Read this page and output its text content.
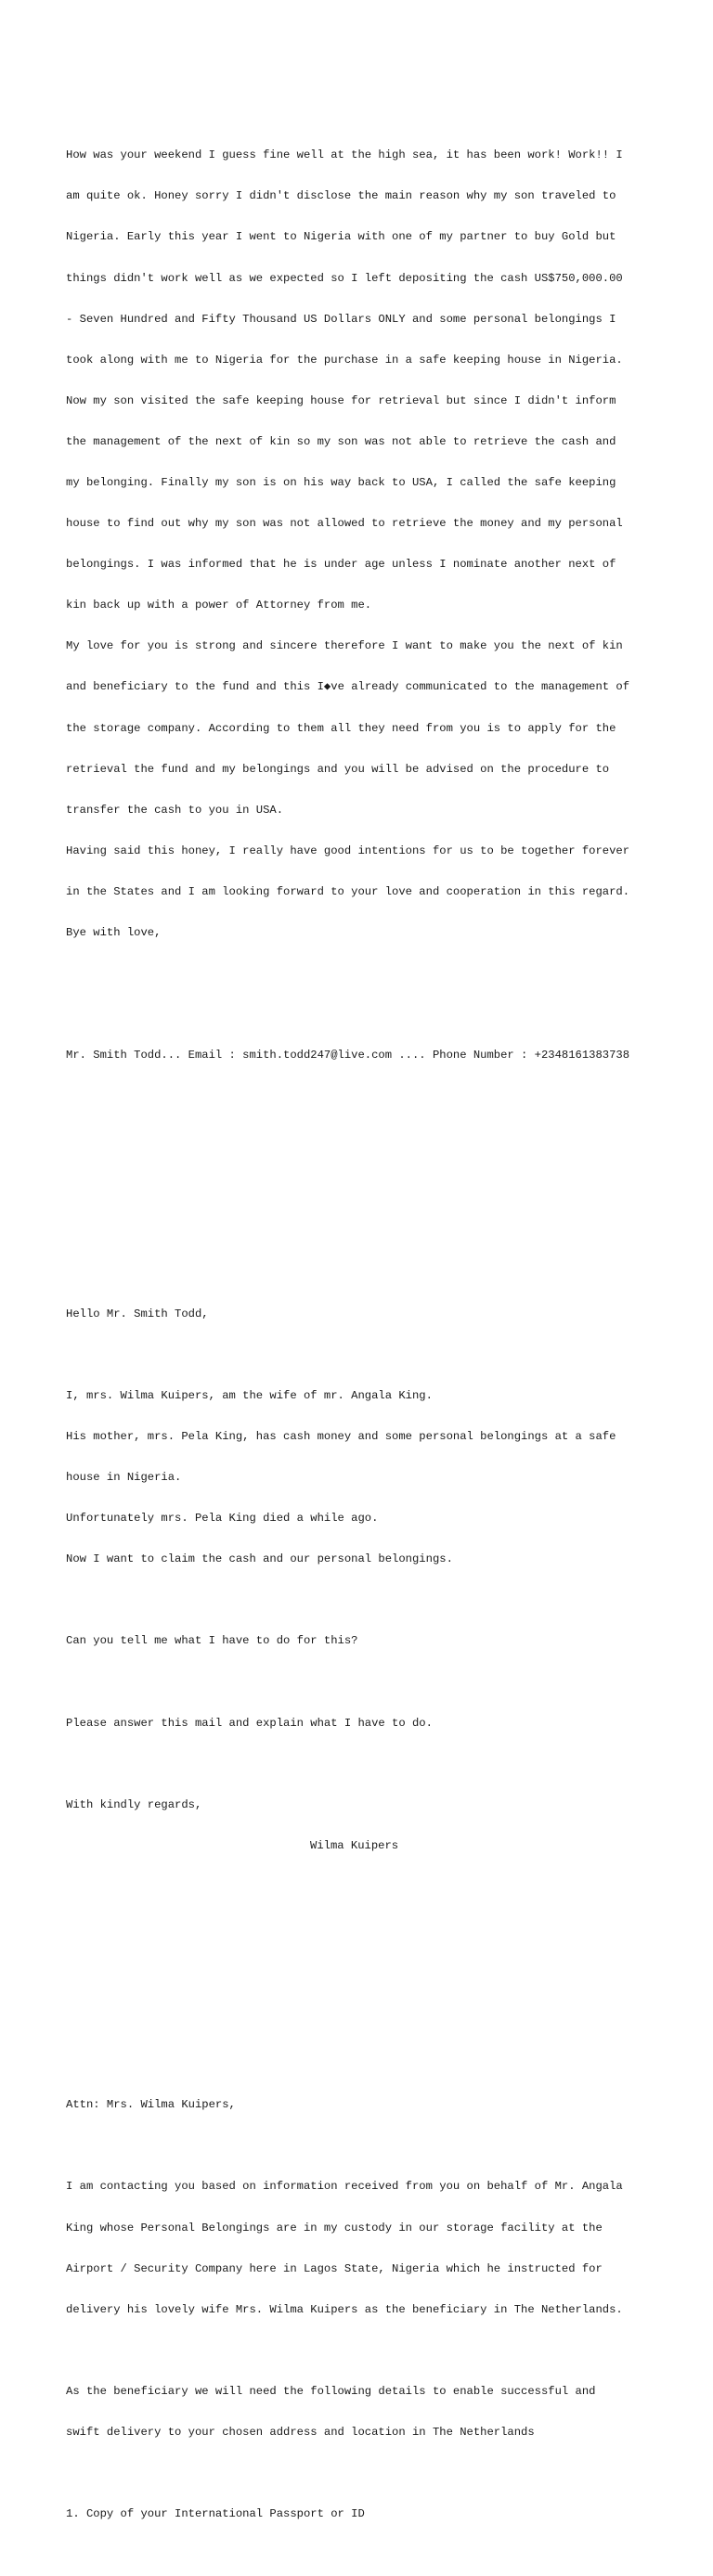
How was your weekend I guess fine well at the high sea, it has been work! Work!! I

am quite ok. Honey sorry I didn't disclose the main reason why my son traveled to

Nigeria. Early this year I went to Nigeria with one of my partner to buy Gold but

things didn't work well as we expected so I left depositing the cash US$750,000.00

- Seven Hundred and Fifty Thousand US Dollars ONLY and some personal belongings I

took along with me to Nigeria for the purchase in a safe keeping house in Nigeria.

Now my son visited the safe keeping house for retrieval but since I didn't inform

the management of the next of kin so my son was not able to retrieve the cash and

my belonging. Finally my son is on his way back to USA, I called the safe keeping

house to find out why my son was not allowed to retrieve the money and my personal

belongings. I was informed that he is under age unless I nominate another next of

kin back up with a power of Attorney from me.

My love for you is strong and sincere therefore I want to make you the next of kin

and beneficiary to the fund and this I◆ve already communicated to the management of

the storage company. According to them all they need from you is to apply for the

retrieval the fund and my belongings and you will be advised on the procedure to

transfer the cash to you in USA.

Having said this honey, I really have good intentions for us to be together forever

in the States and I am looking forward to your love and cooperation in this regard.

Bye with love,

Mr. Smith Todd... Email : smith.todd247@live.com .... Phone Number : +2348161383738

Hello Mr. Smith Todd,

I, mrs. Wilma Kuipers, am the wife of mr. Angala King.

His mother, mrs. Pela King, has cash money and some personal belongings at a safe

house in Nigeria.

Unfortunately mrs. Pela King died a while ago.

Now I want to claim the cash and our personal belongings.

Can you tell me what I have to do for this?

Please answer this mail and explain what I have to do.

With kindly regards,

Wilma Kuipers

Attn: Mrs. Wilma Kuipers,

I am contacting you based on information received from you on behalf of Mr. Angala

King whose Personal Belongings are in my custody in our storage facility at the

Airport / Security Company here in Lagos State, Nigeria which he instructed for

delivery his lovely wife Mrs. Wilma Kuipers as the beneficiary in The Netherlands.

As the beneficiary we will need the following details to enable successful and

swift delivery to your chosen address and location in The Netherlands

1. Copy of your International Passport or ID
